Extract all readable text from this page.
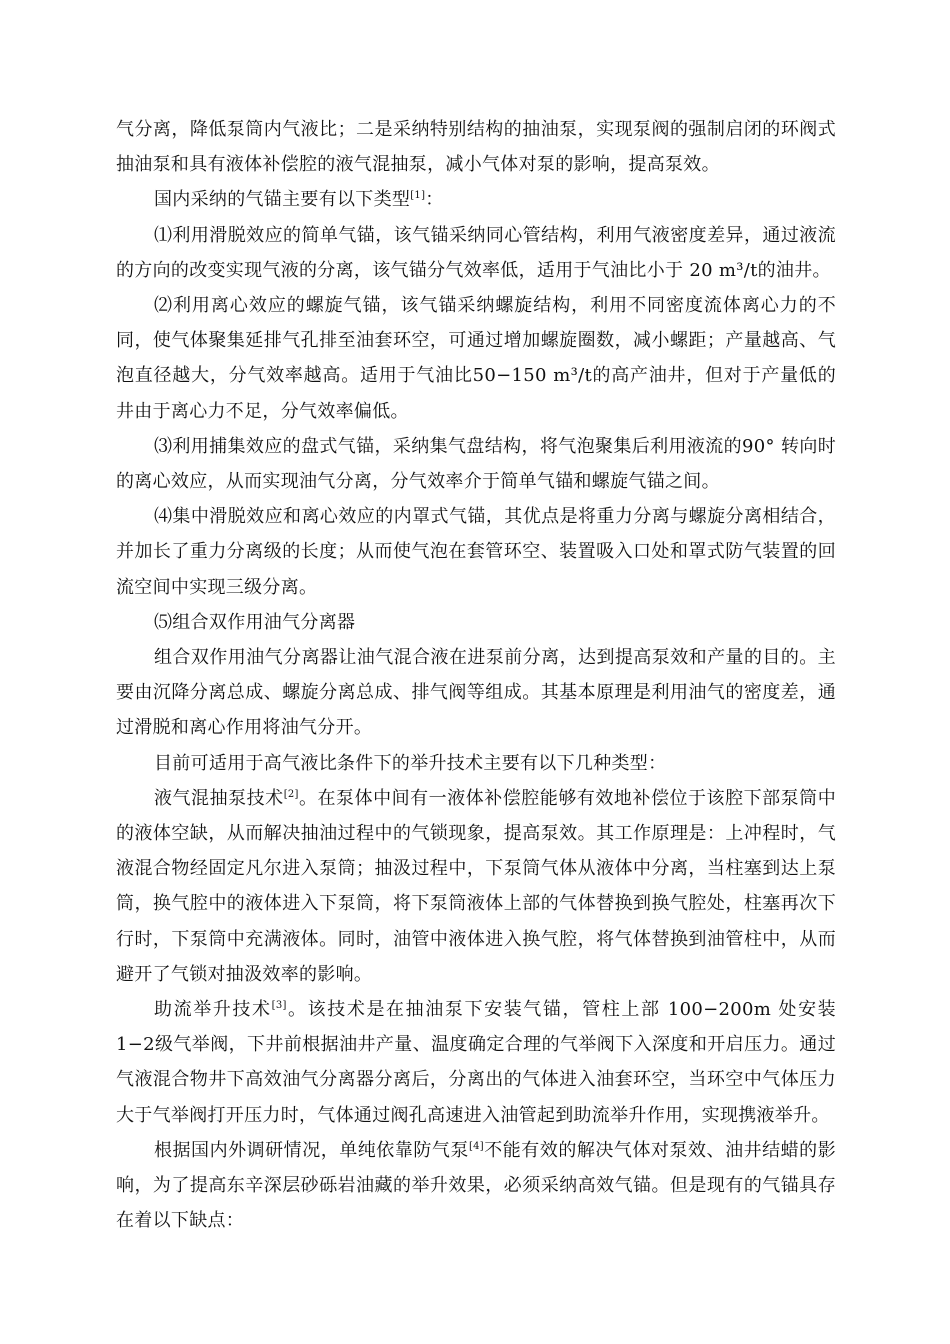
气分离，降低泵筒内气液比；二是采纳特别结构的抽油泵，实现泵阀的强制启闭的环阀式抽油泵和具有液体补偿腔的液气混抽泵，减小气体对泵的影响，提高泵效。

国内采纳的气锚主要有以下类型[1]：

⑴利用滑脱效应的简单气锚，该气锚采纳同心管结构，利用气液密度差异，通过液流的方向的改变实现气液的分离，该气锚分气效率低，适用于气油比小于 20 m³/t的油井。

⑵利用离心效应的螺旋气锚，该气锚采纳螺旋结构，利用不同密度流体离心力的不同，使气体聚集延排气孔排至油套环空，可通过增加螺旋圈数，减小螺距；产量越高、气泡直径越大，分气效率越高。适用于气油比50−150 m³/t的高产油井，但对于产量低的井由于离心力不足，分气效率偏低。

⑶利用捕集效应的盘式气锚，采纳集气盘结构，将气泡聚集后利用液流的90° 转向时的离心效应，从而实现油气分离，分气效率介于简单气锚和螺旋气锚之间。

⑷集中滑脱效应和离心效应的内罩式气锚，其优点是将重力分离与螺旋分离相结合，并加长了重力分离级的长度；从而使气泡在套管环空、装置吸入口处和罩式防气装置的回流空间中实现三级分离。

⑸组合双作用油气分离器

组合双作用油气分离器让油气混合液在进泵前分离，达到提高泵效和产量的目的。主要由沉降分离总成、螺旋分离总成、排气阀等组成。其基本原理是利用油气的密度差，通过滑脱和离心作用将油气分开。

目前可适用于高气液比条件下的举升技术主要有以下几种类型：

液气混抽泵技术[2]。在泵体中间有一液体补偿腔能够有效地补偿位于该腔下部泵筒中的液体空缺，从而解决抽油过程中的气锁现象，提高泵效。其工作原理是：上冲程时，气液混合物经固定凡尔进入泵筒；抽汲过程中，下泵筒气体从液体中分离，当柱塞到达上泵筒，换气腔中的液体进入下泵筒，将下泵筒液体上部的气体替换到换气腔处，柱塞再次下行时，下泵筒中充满液体。同时，油管中液体进入换气腔，将气体替换到油管柱中，从而避开了气锁对抽汲效率的影响。

助流举升技术[3]。该技术是在抽油泵下安装气锚，管柱上部 100−200m 处安装 1−2级气举阀，下井前根据油井产量、温度确定合理的气举阀下入深度和开启压力。通过气液混合物井下高效油气分离器分离后，分离出的气体进入油套环空，当环空中气体压力大于气举阀打开压力时，气体通过阀孔高速进入油管起到助流举升作用，实现携液举升。

根据国内外调研情况，单纯依靠防气泵[4]不能有效的解决气体对泵效、油井结蜡的影响，为了提高东辛深层砂砾岩油藏的举升效果，必须采纳高效气锚。但是现有的气锚具存在着以下缺点：
